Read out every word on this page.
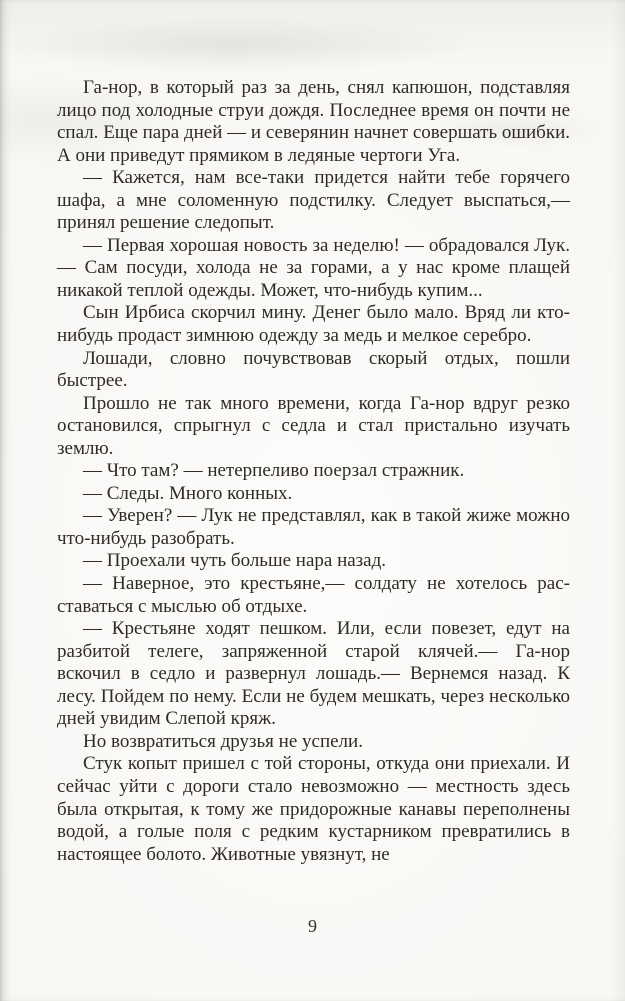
Га-нор, в который раз за день, снял капюшон, подставляя лицо под холодные струи дождя. Последнее время он почти не спал. Еще пара дней — и северянин начнет совершать ошибки. А они приведут прямиком в ледяные чертоги Уга.

— Кажется, нам все-таки придется найти тебе горячего шафа, а мне соломенную подстилку. Следует выспаться,— принял решение следопыт.

— Первая хорошая новость за неделю! — обрадовался Лук.— Сам посуди, холода не за горами, а у нас кроме плащей никакой теплой одежды. Может, что-нибудь купим...

Сын Ирбиса скорчил мину. Денег было мало. Вряд ли кто-нибудь продаст зимнюю одежду за медь и мелкое серебро.

Лошади, словно почувствовав скорый отдых, пошли быстрее.

Прошло не так много времени, когда Га-нор вдруг резко остановился, спрыгнул с седла и стал пристально изучать землю.

— Что там? — нетерпеливо поерзал стражник.

— Следы. Много конных.

— Уверен? — Лук не представлял, как в такой жиже можно что-нибудь разобрать.

— Проехали чуть больше нара назад.

— Наверное, это крестьяне,— солдату не хотелось расставаться с мыслью об отдыхе.

— Крестьяне ходят пешком. Или, если повезет, едут на разбитой телеге, запряженной старой клячей.— Га-нор вскочил в седло и развернул лошадь.— Вернемся назад. К лесу. Пойдем по нему. Если не будем мешкать, через несколько дней увидим Слепой кряж.

Но возвратиться друзья не успели.

Стук копыт пришел с той стороны, откуда они приехали. И сейчас уйти с дороги стало невозможно — местность здесь была открытая, к тому же придорожные канавы переполнены водой, а голые поля с редким кустарником превратились в настоящее болото. Животные увязнут, не

9
